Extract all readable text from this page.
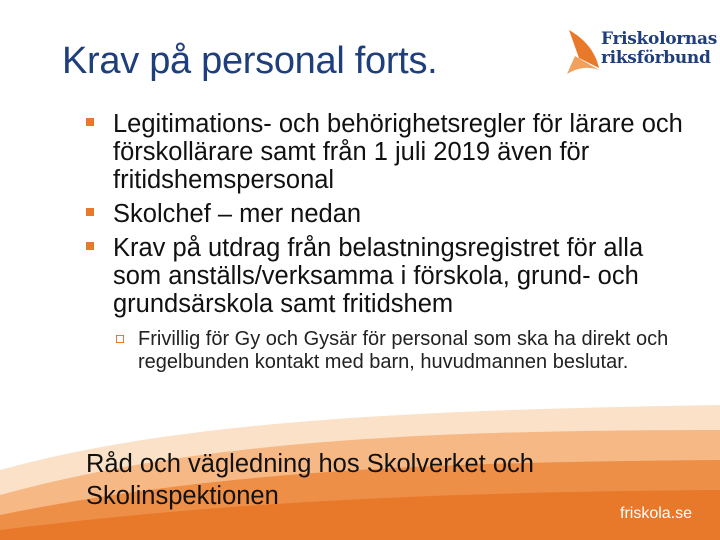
Krav på personal forts.
Friskolornas
riksförbund
Legitimations- och behörighetsregler för lärare och förskollärare samt från 1 juli 2019 även för fritidshemspersonal
Skolchef – mer nedan
Krav på utdrag från belastningsregistret för alla som anställs/verksamma i förskola, grund- och grundsärskola samt fritidshem
Frivillig för Gy och Gysär för personal som ska ha direkt och regelbunden kontakt med barn, huvudmannen beslutar.
Råd och vägledning hos Skolverket och Skolinspektionen
friskola.se
